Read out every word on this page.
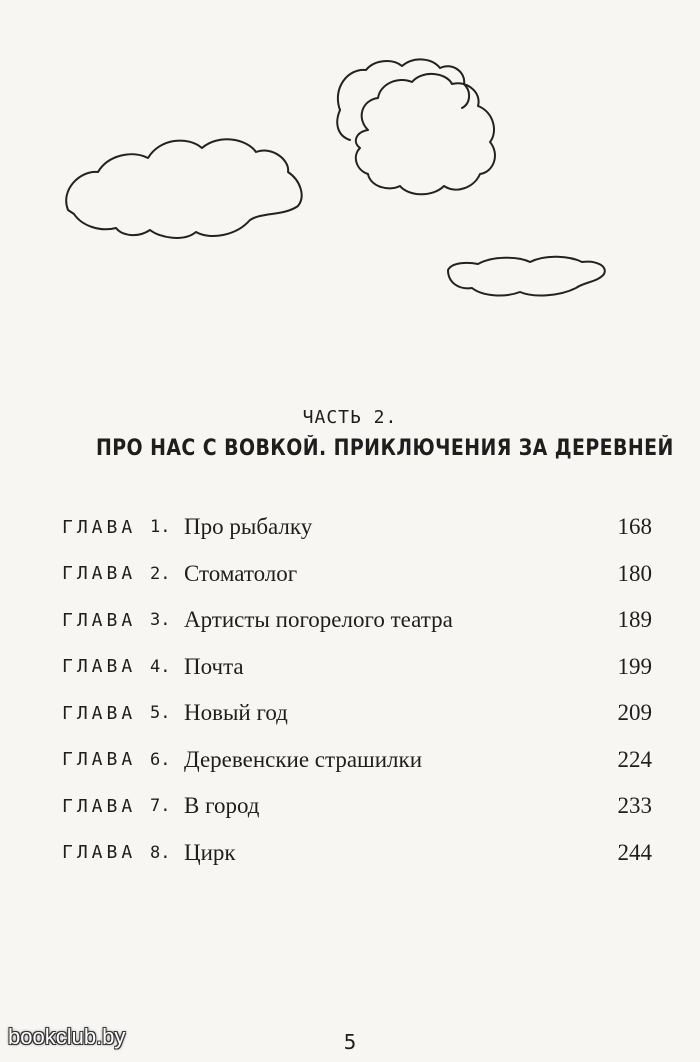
ЧАСТЬ 2.
ПРО НАС С ВОВКОЙ. ПРИКЛЮЧЕНИЯ ЗА ДЕРЕВНЕЙ
ГЛАВА 1. Про рыбалку	168
ГЛАВА 2. Стоматолог	180
ГЛАВА 3. Артисты погорелого театра	189
ГЛАВА 4. Почта	199
ГЛАВА 5. Новый год	209
ГЛАВА 6. Деревенские страшилки	224
ГЛАВА 7. В город	233
ГЛАВА 8. Цирк	244
5
bookclub.by
